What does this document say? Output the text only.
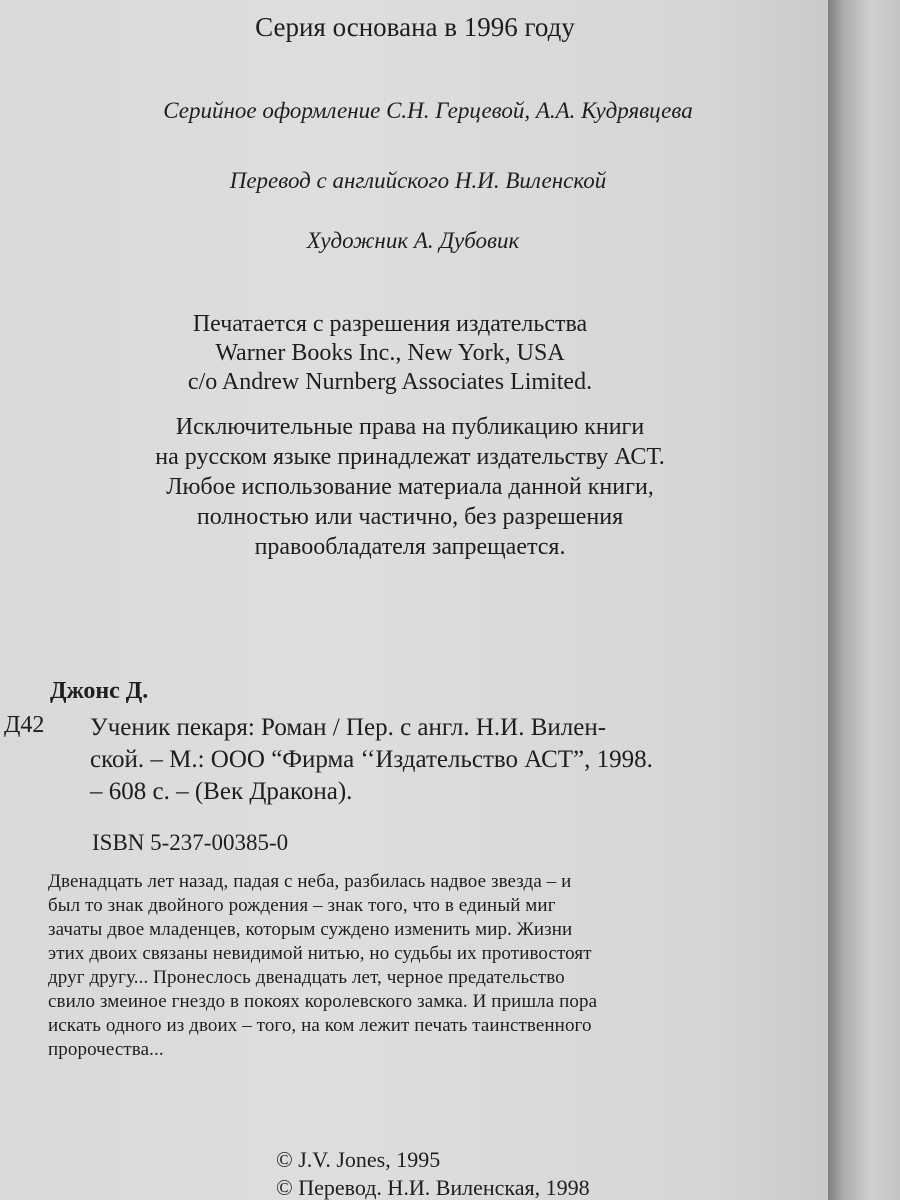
Серия основана в 1996 году
Серийное оформление С.Н. Герцевой, А.А. Кудрявцева
Перевод с английского Н.И. Виленской
Художник А. Дубовик
Печатается с разрешения издательства
Warner Books Inc., New York, USA
c/o Andrew Nurnberg Associates Limited.
Исключительные права на публикацию книги
на русском языке принадлежат издательству АСТ.
Любое использование материала данной книги,
полностью или частично, без разрешения
правообладателя запрещается.
Джонс Д.
Д42 Ученик пекаря: Роман / Пер. с англ. Н.И. Вилен-
ской. – М.: ООО “Фирма ‘‘Издательство АСТ”, 1998.
– 608 с. – (Век Дракона).
ISBN 5-237-00385-0
Двенадцать лет назад, падая с неба, разбилась надвое звезда – и
был то знак двойного рождения – знак того, что в единый миг
зачаты двое младенцев, которым суждено изменить мир. Жизни
этих двоих связаны невидимой нитью, но судьбы их противостоят
друг другу... Пронеслось двенадцать лет, черное предательство
свило змеиное гнездо в покоях королевского замка. И пришла пора
искать одного из двоих – того, на ком лежит печать таинственного
пророчества...
© J.V. Jones, 1995
© Перевод. Н.И. Виленская, 1998
